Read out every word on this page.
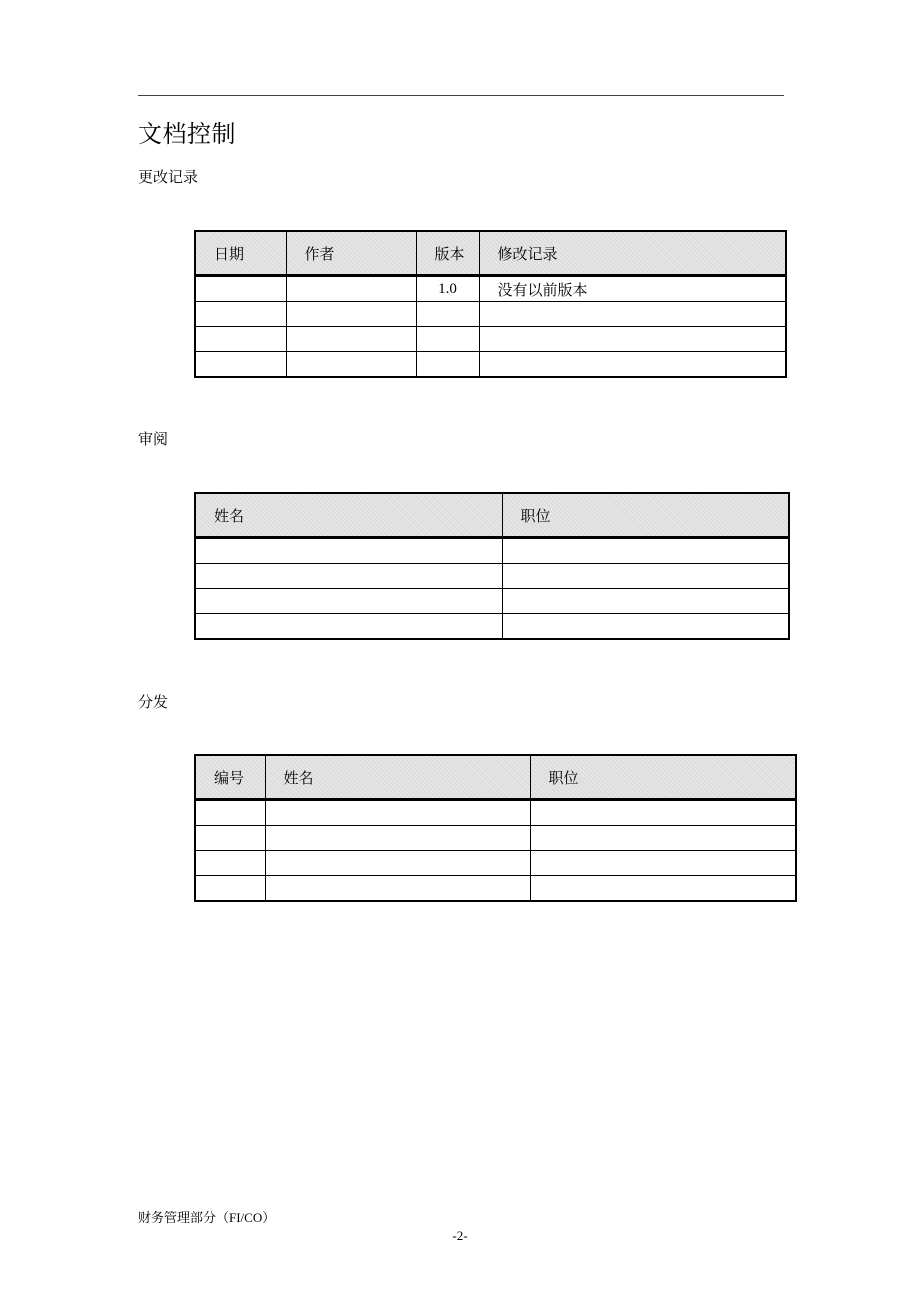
文档控制
更改记录
日期	作者	版本	修改记录
		1.0	没有以前版本

审阅
姓名	职位

分发
编号	姓名	职位

财务管理部分（FI/CO）
-2-
